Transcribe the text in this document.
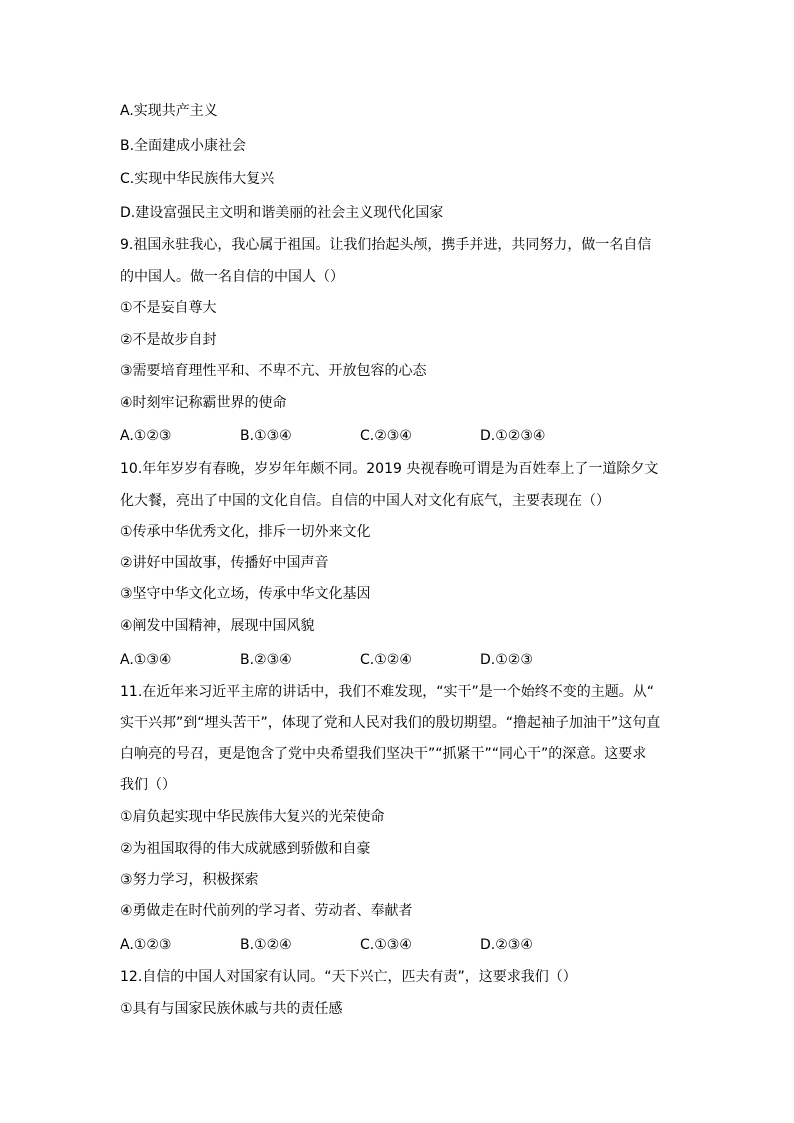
A.实现共产主义
B.全面建成小康社会
C.实现中华民族伟大复兴
D.建设富强民主文明和谐美丽的社会主义现代化国家
9.祖国永驻我心，我心属于祖国。让我们抬起头颅，携手并进，共同努力，做一名自信
的中国人。做一名自信的中国人（）
①不是妄自尊大
②不是故步自封
③需要培育理性平和、不卑不亢、开放包容的心态
④时刻牢记称霸世界的使命
A.①②③	B.①③④	C.②③④	D.①②③④
10.年年岁岁有春晚，岁岁年年颇不同。2019 央视春晚可谓是为百姓奉上了一道除夕文
化大餐，亮出了中国的文化自信。自信的中国人对文化有底气，主要表现在（）
①传承中华优秀文化，排斥一切外来文化
②讲好中国故事，传播好中国声音
③坚守中华文化立场，传承中华文化基因
④阐发中国精神，展现中国风貌
A.①③④	B.②③④	C.①②④	D.①②③
11.在近年来习近平主席的讲话中，我们不难发现，“实干”是一个始终不变的主题。从“
实干兴邦”到“埋头苦干”，体现了党和人民对我们的殷切期望。“撸起袖子加油干”这句直
白响亮的号召，更是饱含了党中央希望我们坚决干”“抓紧干”“同心干”的深意。这要求
我们（）
①肩负起实现中华民族伟大复兴的光荣使命
②为祖国取得的伟大成就感到骄傲和自豪
③努力学习，积极探索
④勇做走在时代前列的学习者、劳动者、奉献者
A.①②③	B.①②④	C.①③④	D.②③④
12.自信的中国人对国家有认同。“天下兴亡，匹夫有责”，这要求我们（）
①具有与国家民族休戚与共的责任感
